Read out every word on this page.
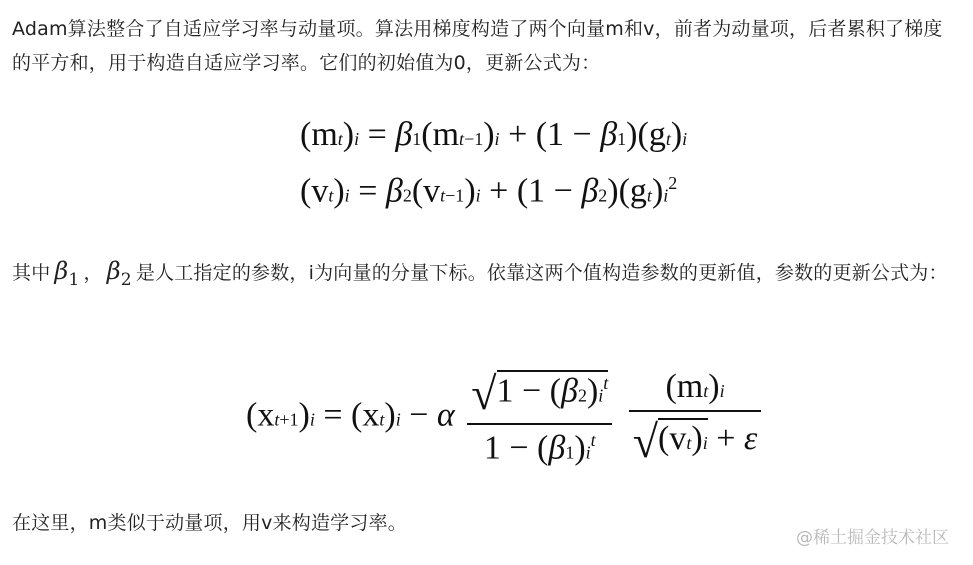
Adam算法整合了自适应学习率与动量项。算法用梯度构造了两个向量m和v，前者为动量项，后者累积了梯度的平方和，用于构造自适应学习率。它们的初始值为0，更新公式为：
(mt)i = β1(mt−1)i + (1 − β1)(gt)i
$(vt)i = \beta 2(vt-1)i + (1 - \beta 2)(gt)i^2$
其中 $\beta_1$ ， $\beta_2$ 是人工指定的参数，i为向量的分量下标。依靠这两个值构造参数的更新值，参数的更新公式为：
(xt+1)i = (xt)i − α $\frac{√1 - (\beta 2)i^t}{1 - (\beta 1)i^t}$
$\frac{(mt)i}{√(vt)i + \varepsilon}$
在这里，m类似于动量项，用v来构造学习率。
@稀土掘金技术社区
